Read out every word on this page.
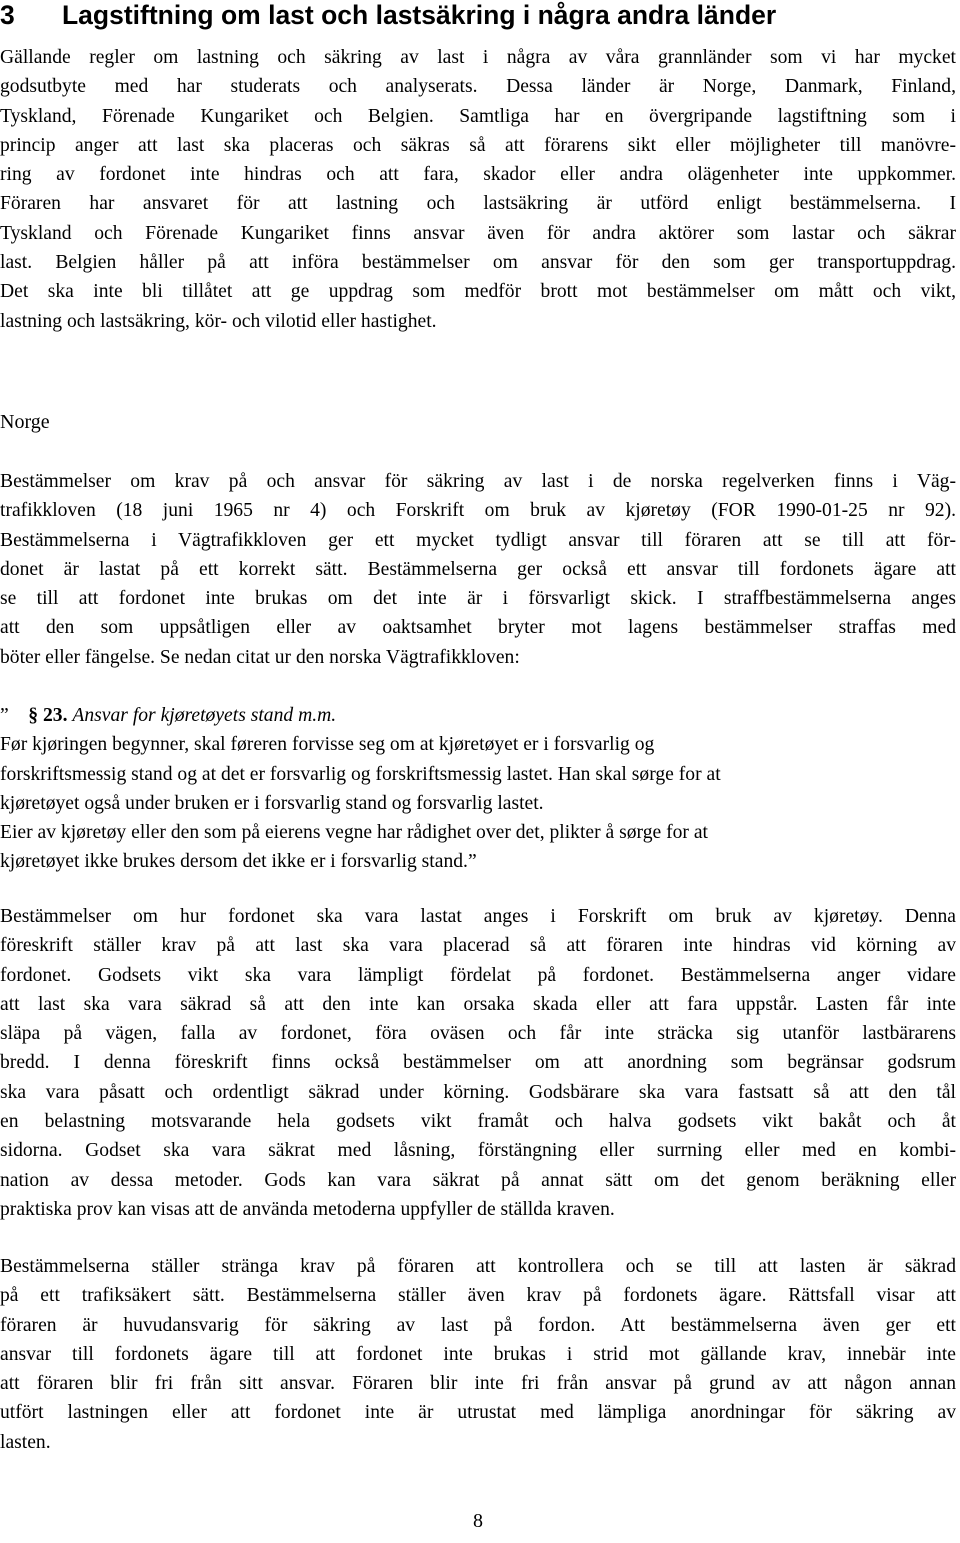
3 Lagstiftning om last och lastsäkring i några andra länder
Gällande regler om lastning och säkring av last i några av våra grannländer som vi har mycket
godsutbyte med har studerats och analyserats. Dessa länder är Norge, Danmark, Finland,
Tyskland, Förenade Kungariket och Belgien. Samtliga har en övergripande lagstiftning som i
princip anger att last ska placeras och säkras så att förarens sikt eller möjligheter till manövre-
ring av fordonet inte hindras och att fara, skador eller andra olägenheter inte uppkommer.
Föraren har ansvaret för att lastning och lastsäkring är utförd enligt bestämmelserna. I
Tyskland och Förenade Kungariket finns ansvar även för andra aktörer som lastar och säkrar
last. Belgien håller på att införa bestämmelser om ansvar för den som ger transportuppdrag.
Det ska inte bli tillåtet att ge uppdrag som medför brott mot bestämmelser om mått och vikt,
lastning och lastsäkring, kör- och vilotid eller hastighet.
Norge
Bestämmelser om krav på och ansvar för säkring av last i de norska regelverken finns i Väg-
trafikkloven (18 juni 1965 nr 4) och Forskrift om bruk av kjøretøy (FOR 1990-01-25 nr 92).
Bestämmelserna i Vägtrafikkloven ger ett mycket tydligt ansvar till föraren att se till att för-
donet är lastat på ett korrekt sätt. Bestämmelserna ger också ett ansvar till fordonets ägare att
se till att fordonet inte brukas om det inte är i försvarligt skick. I straffbestämmelserna anges
att den som uppsåtligen eller av oaktsamhet bryter mot lagens bestämmelser straffas med
böter eller fängelse. Se nedan citat ur den norska Vägtrafikkloven:
” § 23. Ansvar for kjøretøyets stand m.m.
Før kjøringen begynner, skal føreren forvisse seg om at kjøretøyet er i forsvarlig og
forskriftsmessig stand og at det er forsvarlig og forskriftsmessig lastet. Han skal sørge for at
kjøretøyet også under bruken er i forsvarlig stand og forsvarlig lastet.
Eier av kjøretøy eller den som på eierens vegne har rådighet over det, plikter å sørge for at
kjøretøyet ikke brukes dersom det ikke er i forsvarlig stand.”
Bestämmelser om hur fordonet ska vara lastat anges i Forskrift om bruk av kjøretøy. Denna
föreskrift ställer krav på att last ska vara placerad så att föraren inte hindras vid körning av
fordonet. Godsets vikt ska vara lämpligt fördelat på fordonet. Bestämmelserna anger vidare
att last ska vara säkrad så att den inte kan orsaka skada eller att fara uppstår. Lasten får inte
släpa på vägen, falla av fordonet, föra oväsen och får inte sträcka sig utanför lastbärarens
bredd. I denna föreskrift finns också bestämmelser om att anordning som begränsar godsrum
ska vara påsatt och ordentligt säkrad under körning. Godsbärare ska vara fastsatt så att den tål
en belastning motsvarande hela godsets vikt framåt och halva godsets vikt bakåt och åt
sidorna. Godset ska vara säkrat med låsning, förstängning eller surrning eller med en kombi-
nation av dessa metoder. Gods kan vara säkrat på annat sätt om det genom beräkning eller
praktiska prov kan visas att de använda metoderna uppfyller de ställda kraven.
Bestämmelserna ställer stränga krav på föraren att kontrollera och se till att lasten är säkrad
på ett trafiksäkert sätt. Bestämmelserna ställer även krav på fordonets ägare. Rättsfall visar att
föraren är huvudansvarig för säkring av last på fordon. Att bestämmelserna även ger ett
ansvar till fordonets ägare till att fordonet inte brukas i strid mot gällande krav, innebär inte
att föraren blir fri från sitt ansvar. Föraren blir inte fri från ansvar på grund av att någon annan
utfört lastningen eller att fordonet inte är utrustat med lämpliga anordningar för säkring av
lasten.
8
